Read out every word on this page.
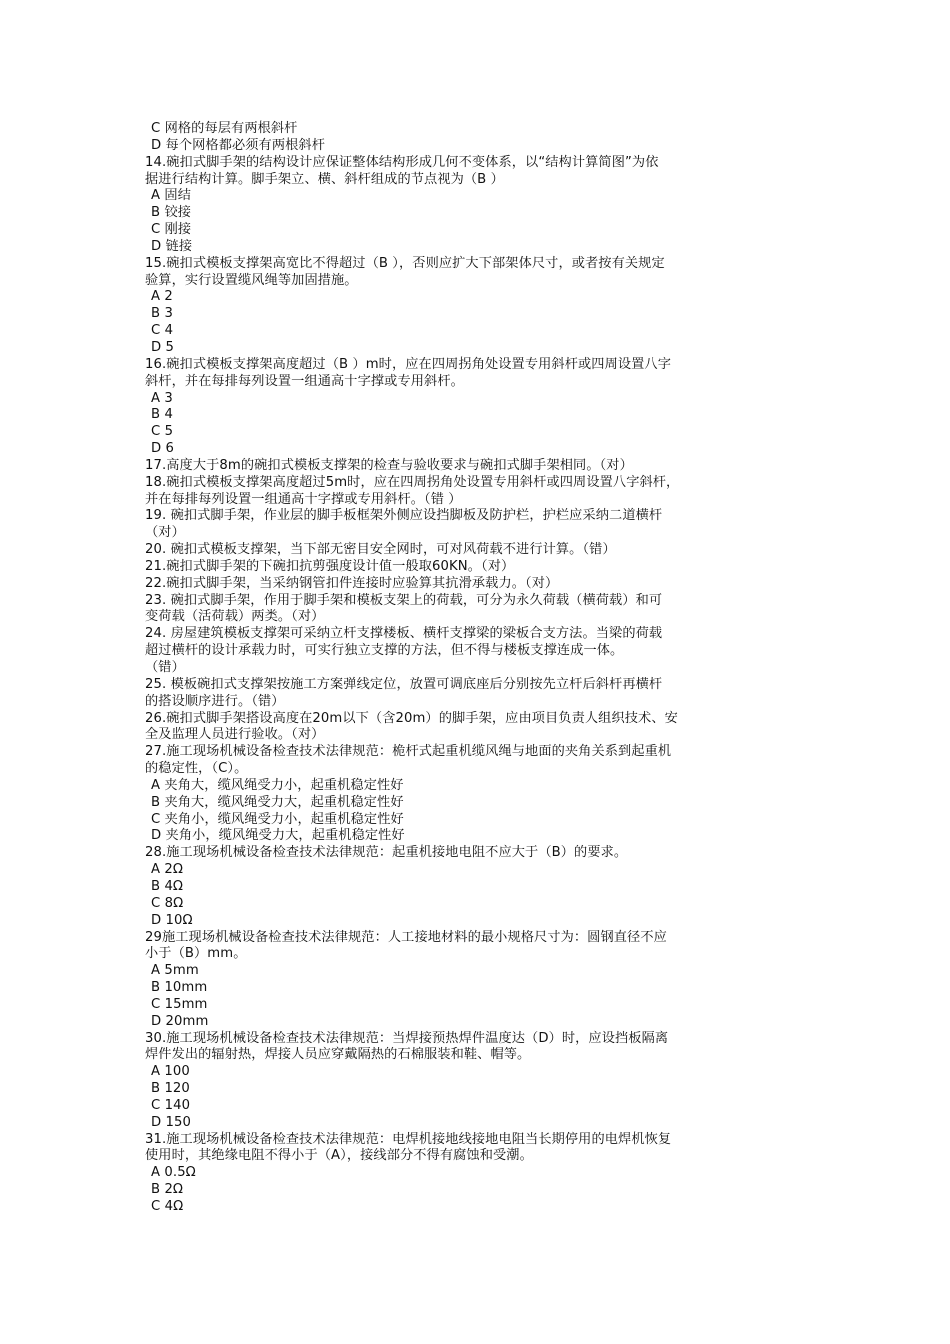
C 网格的每层有两根斜杆
D 每个网格都必须有两根斜杆
14.碗扣式脚手架的结构设计应保证整体结构形成几何不变体系，以“结构计算简图”为依
据进行结构计算。脚手架立、横、斜杆组成的节点视为（B ）
A 固结
B 铰接
C 刚接
D 链接
15.碗扣式模板支撑架高宽比不得超过（B ），否则应扩大下部架体尺寸，或者按有关规定
验算，实行设置缆风绳等加固措施。
A 2
B 3
C 4
D 5
16.碗扣式模板支撑架高度超过（B ）m时，应在四周拐角处设置专用斜杆或四周设置八字
斜杆，并在每排每列设置一组通高十字撑或专用斜杆。
A 3
B 4
C 5
D 6
17.高度大于8m的碗扣式模板支撑架的检查与验收要求与碗扣式脚手架相同。（对）
18.碗扣式模板支撑架高度超过5m时，应在四周拐角处设置专用斜杆或四周设置八字斜杆，
并在每排每列设置一组通高十字撑或专用斜杆。（错 ）
19. 碗扣式脚手架，作业层的脚手板框架外侧应设挡脚板及防护栏，护栏应采纳二道横杆
（对）
20. 碗扣式模板支撑架，当下部无密目安全网时，可对风荷载不进行计算。（错）
21.碗扣式脚手架的下碗扣抗剪强度设计值一般取60KN。（对）
22.碗扣式脚手架，当采纳钢管扣件连接时应验算其抗滑承载力。（对）
23. 碗扣式脚手架，作用于脚手架和模板支架上的荷载，可分为永久荷载（横荷载）和可
变荷载（活荷载）两类。（对）
24. 房屋建筑模板支撑架可采纳立杆支撑楼板、横杆支撑梁的梁板合支方法。当梁的荷载
超过横杆的设计承载力时，可实行独立支撑的方法，但不得与楼板支撑连成一体。
（错）
25. 模板碗扣式支撑架按施工方案弹线定位，放置可调底座后分别按先立杆后斜杆再横杆
的搭设顺序进行。（错）
26.碗扣式脚手架搭设高度在20m以下（含20m）的脚手架，应由项目负责人组织技术、安
全及监理人员进行验收。（对）
27.施工现场机械设备检查技术法律规范：桅杆式起重机缆风绳与地面的夹角关系到起重机
的稳定性，（C）。
A 夹角大，缆风绳受力小，起重机稳定性好
B 夹角大，缆风绳受力大，起重机稳定性好
C 夹角小，缆风绳受力小，起重机稳定性好
D 夹角小，缆风绳受力大，起重机稳定性好
28.施工现场机械设备检查技术法律规范：起重机接地电阻不应大于（B）的要求。
A 2Ω
B 4Ω
C 8Ω
D 10Ω
29施工现场机械设备检查技术法律规范：人工接地材料的最小规格尺寸为：圆钢直径不应
小于（B）mm。
A 5mm
B 10mm
C 15mm
D 20mm
30.施工现场机械设备检查技术法律规范：当焊接预热焊件温度达（D）时，应设挡板隔离
焊件发出的辐射热，焊接人员应穿戴隔热的石棉服装和鞋、帽等。
A 100
B 120
C 140
D 150
31.施工现场机械设备检查技术法律规范：电焊机接地线接地电阻当长期停用的电焊机恢复
使用时，其绝缘电阻不得小于（A），接线部分不得有腐蚀和受潮。
A 0.5Ω
B 2Ω
C 4Ω
